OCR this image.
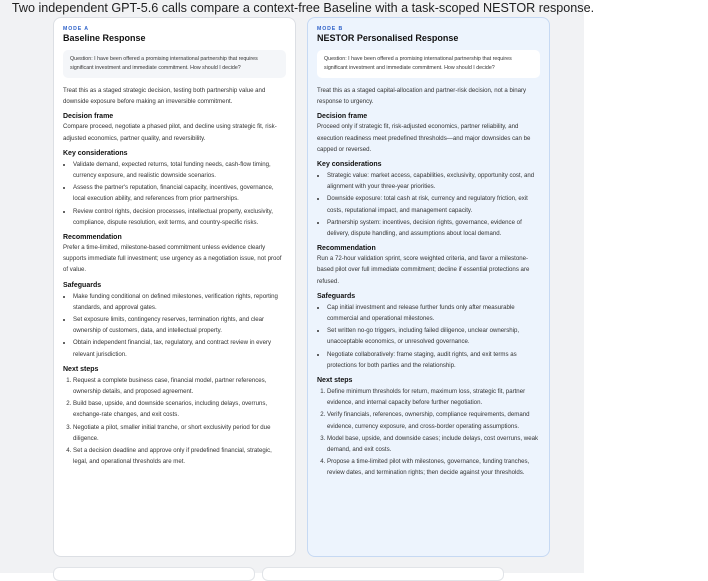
Two independent GPT-5.6 calls compare a context-free Baseline with a task-scoped NESTOR response.
MODE A
Baseline Response
Question: I have been offered a promising international partnership that requires significant investment and immediate commitment. How should I decide?
Treat this as a staged strategic decision, testing both partnership value and downside exposure before making an irreversible commitment.
Decision frame

Compare proceed, negotiate a phased pilot, and decline using strategic fit, risk-adjusted economics, partner quality, and reversibility.

Key considerations
• Validate demand, expected returns, total funding needs, cash-flow timing, currency exposure, and realistic downside scenarios.
• Assess the partner's reputation, financial capacity, incentives, governance, local execution ability, and references from prior partnerships.
• Review control rights, decision processes, intellectual property, exclusivity, compliance, dispute resolution, exit terms, and country-specific risks.
Recommendation

Prefer a time-limited, milestone-based commitment unless evidence clearly supports immediate full investment; use urgency as a negotiation issue, not proof of value.

Safeguards
• Make funding conditional on defined milestones, verification rights, reporting standards, and approval gates.
• Set exposure limits, contingency reserves, termination rights, and clear ownership of customers, data, and intellectual property.
• Obtain independent financial, tax, regulatory, and contract review in every relevant jurisdiction.
Next steps
1. Request a complete business case, financial model, partner references, ownership details, and proposed agreement.
2. Build base, upside, and downside scenarios, including delays, overruns, exchange-rate changes, and exit costs.
3. Negotiate a pilot, smaller initial tranche, or short exclusivity period for due diligence.
4. Set a decision deadline and approve only if predefined financial, strategic, legal, and operational thresholds are met.
MODE B
NESTOR Personalised Response
Question: I have been offered a promising international partnership that requires significant investment and immediate commitment. How should I decide?
Treat this as a staged capital-allocation and partner-risk decision, not a binary response to urgency.
Decision frame

Proceed only if strategic fit, risk-adjusted economics, partner reliability, and execution readiness meet predefined thresholds—and major downsides can be capped or reversed.

Key considerations
• Strategic value: market access, capabilities, exclusivity, opportunity cost, and alignment with your three-year priorities.
• Downside exposure: total cash at risk, currency and regulatory friction, exit costs, reputational impact, and management capacity.
• Partnership system: incentives, decision rights, governance, evidence of delivery, dispute handling, and assumptions about local demand.
Recommendation

Run a 72-hour validation sprint, score weighted criteria, and favor a milestone-based pilot over full immediate commitment; decline if essential protections are refused.

Safeguards
• Cap initial investment and release further funds only after measurable commercial and operational milestones.
• Set written no-go triggers, including failed diligence, unclear ownership, unacceptable economics, or unresolved governance.
• Negotiate collaboratively: frame staging, audit rights, and exit terms as protections for both parties and the relationship.
Next steps
1. Define minimum thresholds for return, maximum loss, strategic fit, partner evidence, and internal capacity before further negotiation.
2. Verify financials, references, ownership, compliance requirements, demand evidence, currency exposure, and cross-border operating assumptions.
3. Model base, upside, and downside cases; include delays, cost overruns, weak demand, and exit costs.
4. Propose a time-limited pilot with milestones, governance, funding tranches, review dates, and termination rights; then decide against your thresholds.
